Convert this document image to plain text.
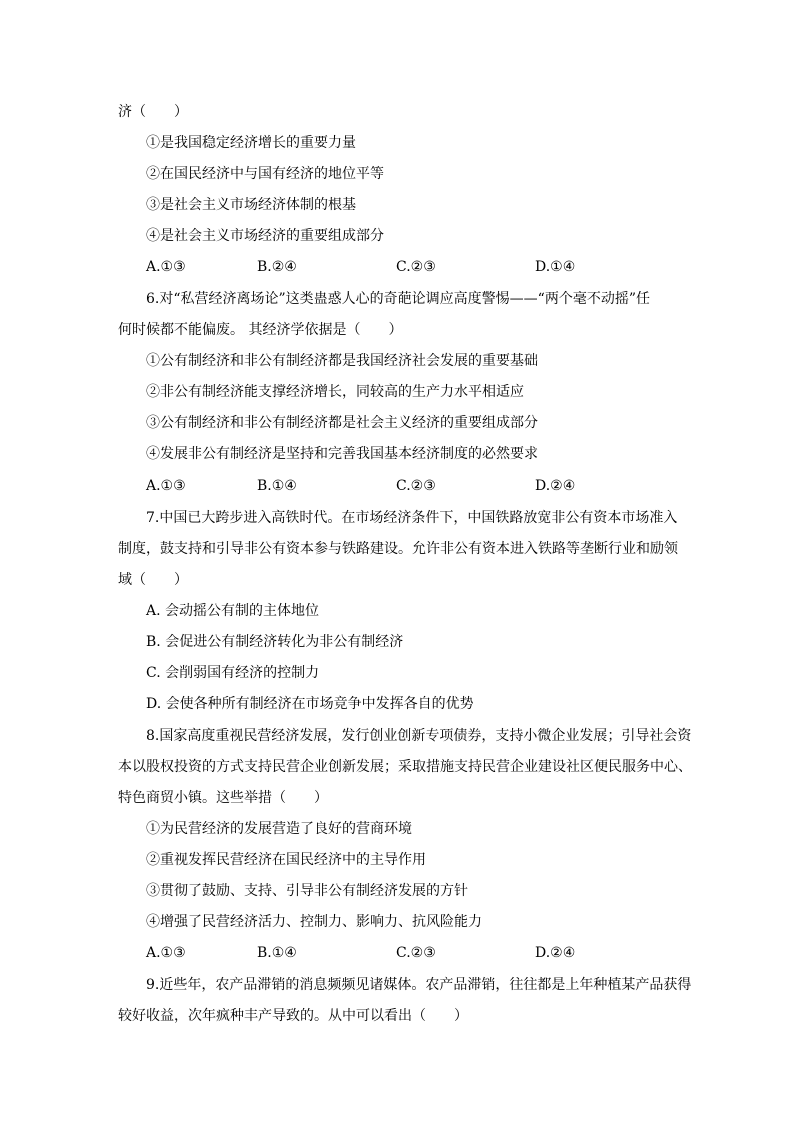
济（　　）
①是我国稳定经济增长的重要力量
②在国民经济中与国有经济的地位平等
③是社会主义市场经济体制的根基
④是社会主义市场经济的重要组成部分
A.①③	B.②④	C.②③	D.①④
6.对“私营经济离场论”这类蛊惑人心的奇葩论调应高度警惕——“两个毫不动摇”任
何时候都不能偏废。 其经济学依据是（　　）
①公有制经济和非公有制经济都是我国经济社会发展的重要基础
②非公有制经济能支撑经济增长，同较高的生产力水平相适应
③公有制经济和非公有制经济都是社会主义经济的重要组成部分
④发展非公有制经济是坚持和完善我国基本经济制度的必然要求
A.①③	B.①④	C.②③	D.②④
7.中国已大跨步进入高铁时代。在市场经济条件下，中国铁路放宽非公有资本市场准入
制度，鼓支持和引导非公有资本参与铁路建设。允许非公有资本进入铁路等垄断行业和励领
域（　　）
A. 会动摇公有制的主体地位
B. 会促进公有制经济转化为非公有制经济
C. 会削弱国有经济的控制力
D. 会使各种所有制经济在市场竞争中发挥各自的优势
8.国家高度重视民营经济发展，发行创业创新专项债券，支持小微企业发展；引导社会资
本以股权投资的方式支持民营企业创新发展；采取措施支持民营企业建设社区便民服务中心、
特色商贸小镇。这些举措（　　）
①为民营经济的发展营造了良好的营商环境
②重视发挥民营经济在国民经济中的主导作用
③贯彻了鼓励、支持、引导非公有制经济发展的方针
④增强了民营经济活力、控制力、影响力、抗风险能力
A.①③	B.①④	C.②③	D.②④
9.近些年，农产品滞销的消息频频见诸媒体。农产品滞销，往往都是上年种植某产品获得
较好收益，次年疯种丰产导致的。从中可以看出（　　）
